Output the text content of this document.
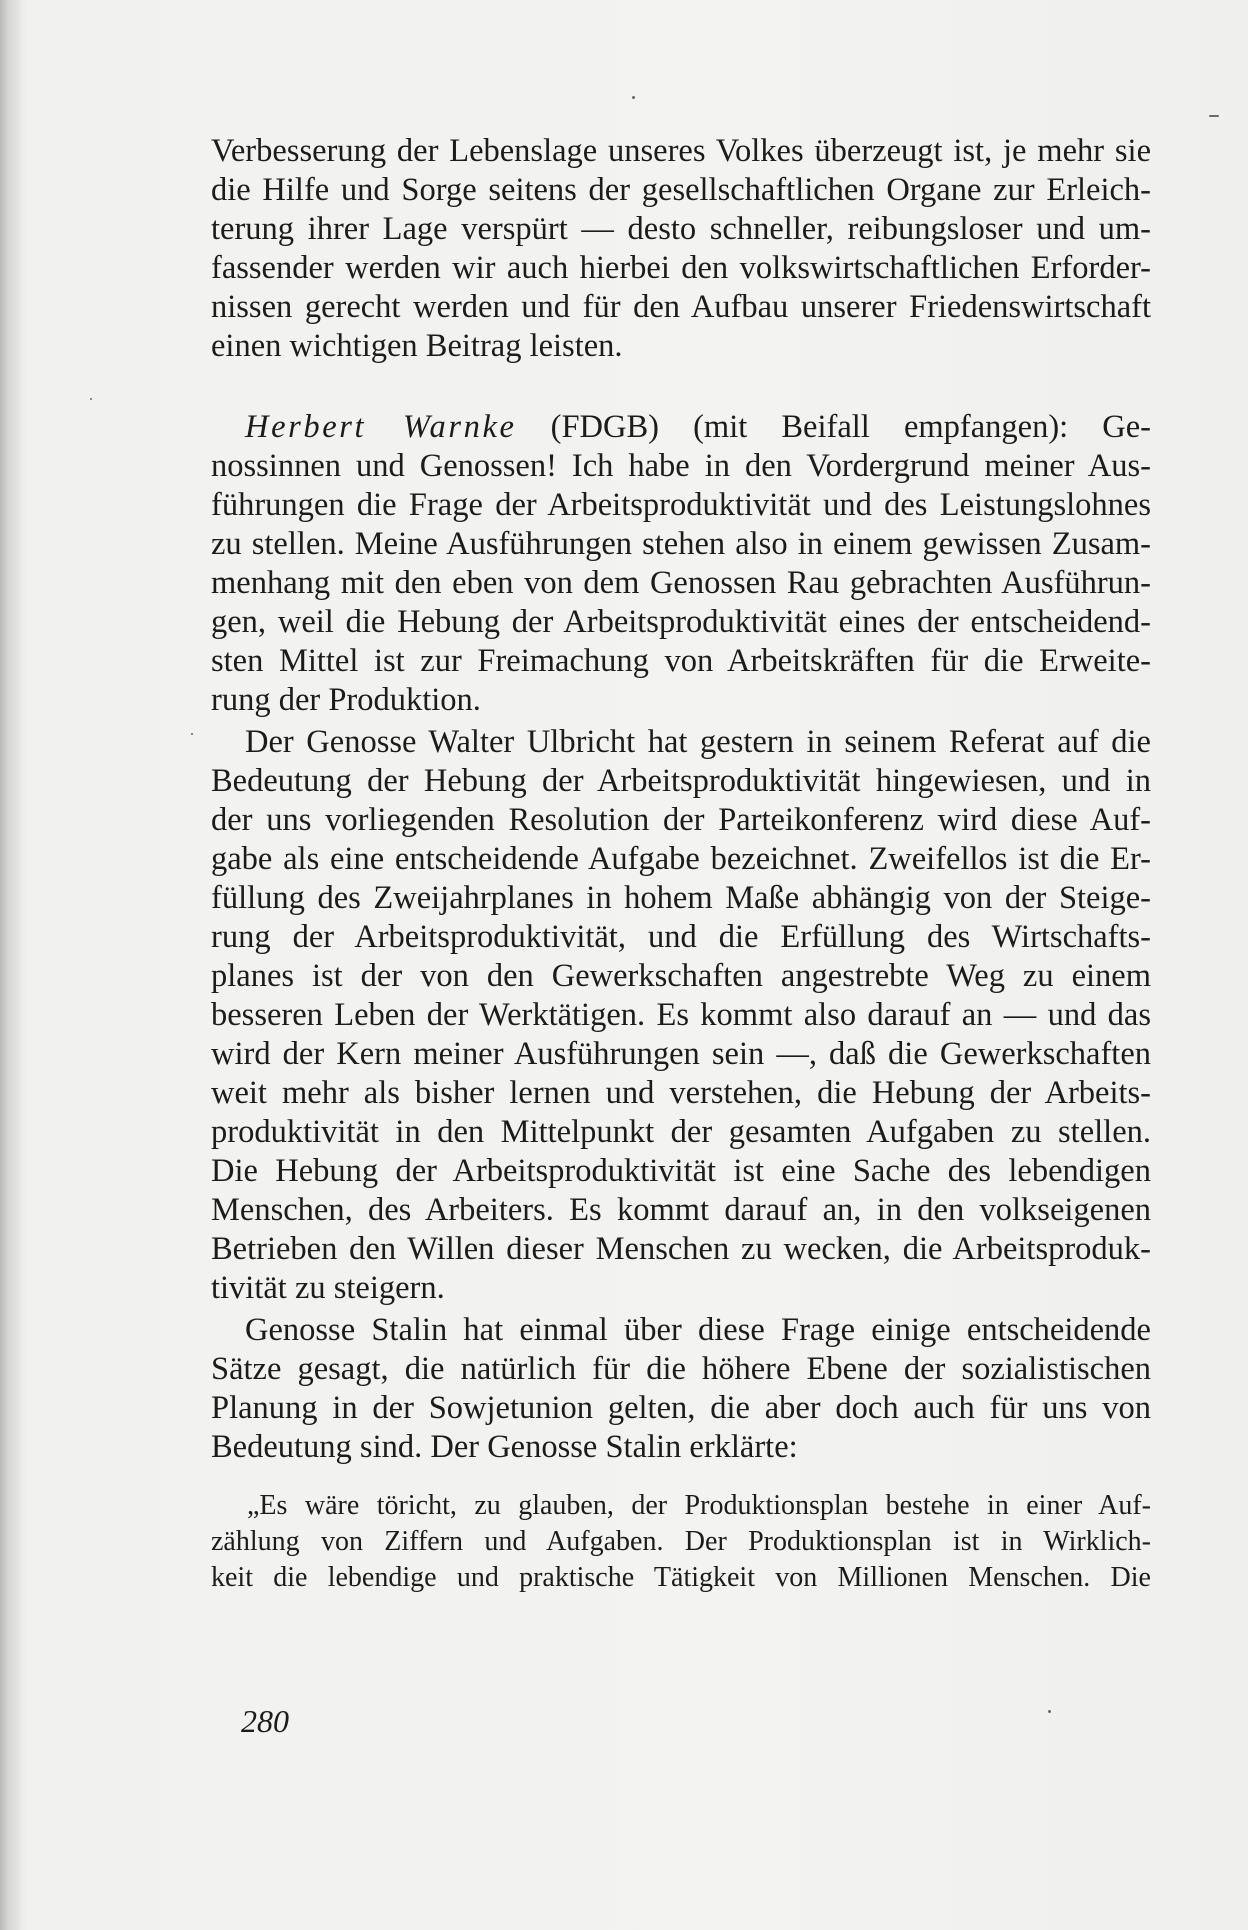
Verbesserung der Lebenslage unseres Volkes überzeugt ist, je mehr sie

die Hilfe und Sorge seitens der gesellschaftlichen Organe zur Erleich-

terung ihrer Lage verspürt — desto schneller, reibungsloser und um-

fassender werden wir auch hierbei den volkswirtschaftlichen Erforder-

nissen gerecht werden und für den Aufbau unserer Friedenswirtschaft

einen wichtigen Beitrag leisten.

Herbert Warnke (FDGB) (mit Beifall empfangen): Ge-

nossinnen und Genossen! Ich habe in den Vordergrund meiner Aus-

führungen die Frage der Arbeitsproduktivität und des Leistungslohnes

zu stellen. Meine Ausführungen stehen also in einem gewissen Zusam-

menhang mit den eben von dem Genossen Rau gebrachten Ausführun-

gen, weil die Hebung der Arbeitsproduktivität eines der entscheidend-

sten Mittel ist zur Freimachung von Arbeitskräften für die Erweite-

rung der Produktion.

Der Genosse Walter Ulbricht hat gestern in seinem Referat auf die

Bedeutung der Hebung der Arbeitsproduktivität hingewiesen, und in

der uns vorliegenden Resolution der Parteikonferenz wird diese Auf-

gabe als eine entscheidende Aufgabe bezeichnet. Zweifellos ist die Er-

füllung des Zweijahrplanes in hohem Maße abhängig von der Steige-

rung der Arbeitsproduktivität, und die Erfüllung des Wirtschafts-

planes ist der von den Gewerkschaften angestrebte Weg zu einem

besseren Leben der Werktätigen. Es kommt also darauf an — und das

wird der Kern meiner Ausführungen sein —, daß die Gewerkschaften

weit mehr als bisher lernen und verstehen, die Hebung der Arbeits-

produktivität in den Mittelpunkt der gesamten Aufgaben zu stellen.

Die Hebung der Arbeitsproduktivität ist eine Sache des lebendigen

Menschen, des Arbeiters. Es kommt darauf an, in den volkseigenen

Betrieben den Willen dieser Menschen zu wecken, die Arbeitsproduk-

tivität zu steigern.

Genosse Stalin hat einmal über diese Frage einige entscheidende

Sätze gesagt, die natürlich für die höhere Ebene der sozialistischen

Planung in der Sowjetunion gelten, die aber doch auch für uns von

Bedeutung sind. Der Genosse Stalin erklärte:

„Es wäre töricht, zu glauben, der Produktionsplan bestehe in einer Auf-

zählung von Ziffern und Aufgaben. Der Produktionsplan ist in Wirklich-

keit die lebendige und praktische Tätigkeit von Millionen Menschen. Die

280
